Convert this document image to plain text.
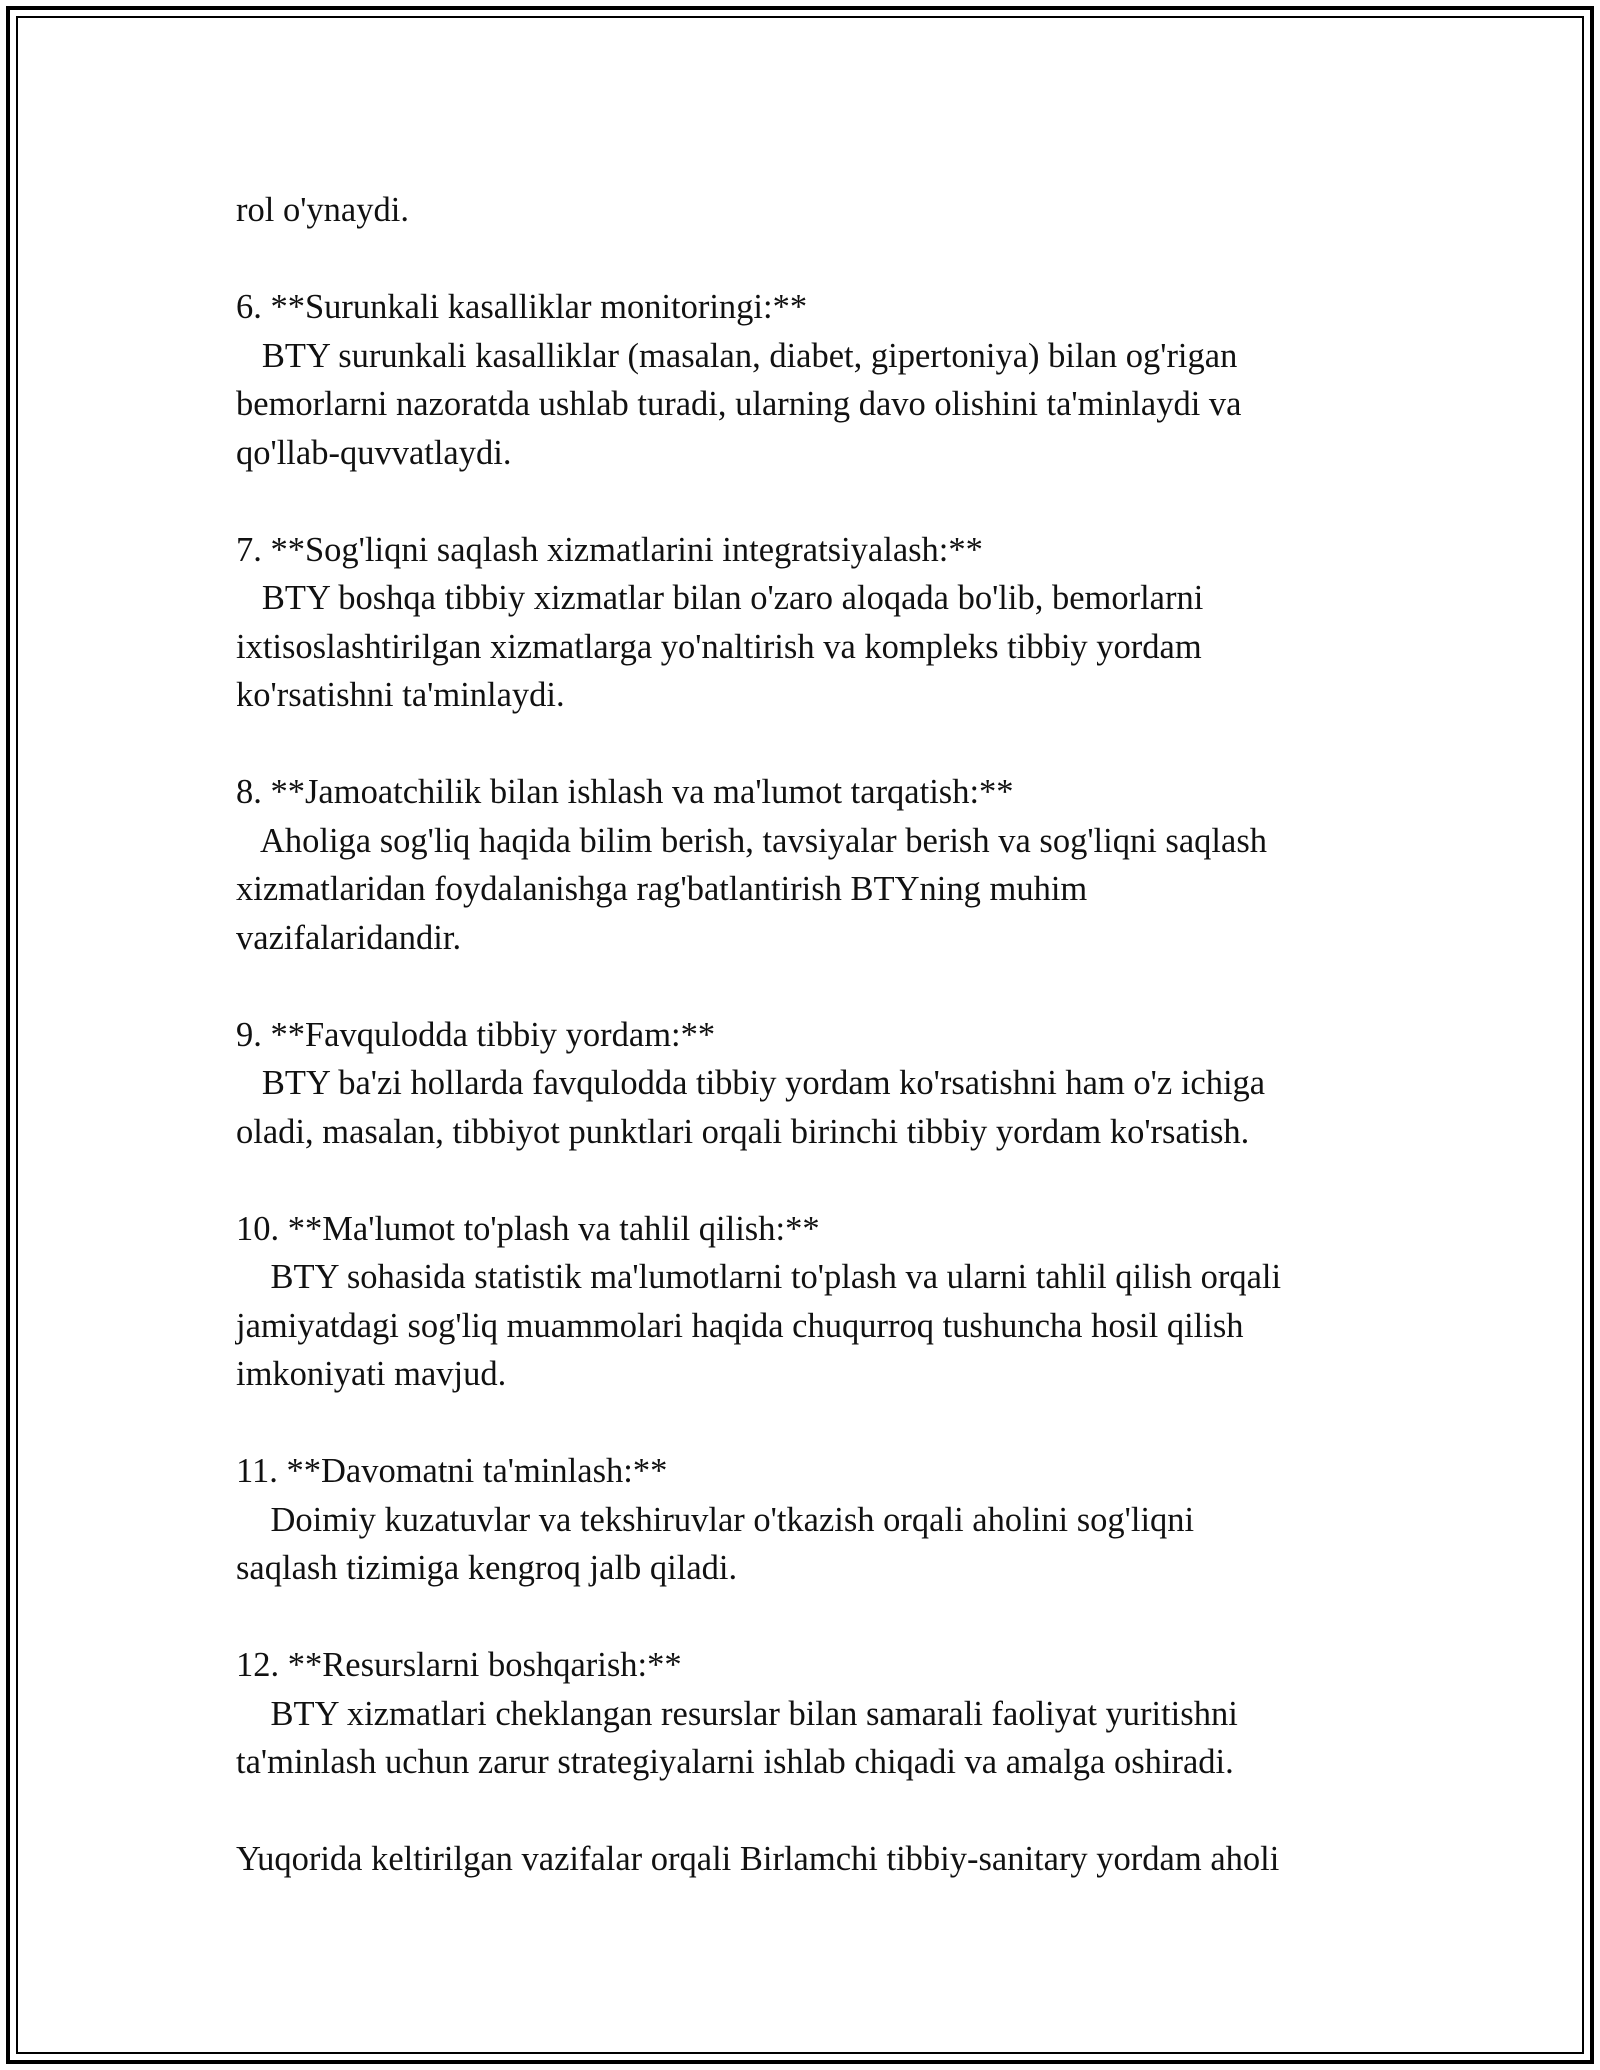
rol o'ynaydi.
6. **Surunkali kasalliklar monitoringi:**
BTY surunkali kasalliklar (masalan, diabet, gipertoniya) bilan og'rigan
bemorlarni nazoratda ushlab turadi, ularning davo olishini ta'minlaydi va
qo'llab-quvvatlaydi.
7. **Sog'liqni saqlash xizmatlarini integratsiyalash:**
BTY boshqa tibbiy xizmatlar bilan o'zaro aloqada bo'lib, bemorlarni
ixtisoslashtirilgan xizmatlarga yo'naltirish va kompleks tibbiy yordam
ko'rsatishni ta'minlaydi.
8. **Jamoatchilik bilan ishlash va ma'lumot tarqatish:**
Aholiga sog'liq haqida bilim berish, tavsiyalar berish va sog'liqni saqlash
xizmatlaridan foydalanishga rag'batlantirish BTYning muhim
vazifalaridandir.
9. **Favqulodda tibbiy yordam:**
BTY ba'zi hollarda favqulodda tibbiy yordam ko'rsatishni ham o'z ichiga
oladi, masalan, tibbiyot punktlari orqali birinchi tibbiy yordam ko'rsatish.
10. **Ma'lumot to'plash va tahlil qilish:**
BTY sohasida statistik ma'lumotlarni to'plash va ularni tahlil qilish orqali
jamiyatdagi sog'liq muammolari haqida chuqurroq tushuncha hosil qilish
imkoniyati mavjud.
11. **Davomatni ta'minlash:**
Doimiy kuzatuvlar va tekshiruvlar o'tkazish orqali aholini sog'liqni
saqlash tizimiga kengroq jalb qiladi.
12. **Resurslarni boshqarish:**
BTY xizmatlari cheklangan resurslar bilan samarali faoliyat yuritishni
ta'minlash uchun zarur strategiyalarni ishlab chiqadi va amalga oshiradi.
Yuqorida keltirilgan vazifalar orqali Birlamchi tibbiy-sanitary yordam aholi
